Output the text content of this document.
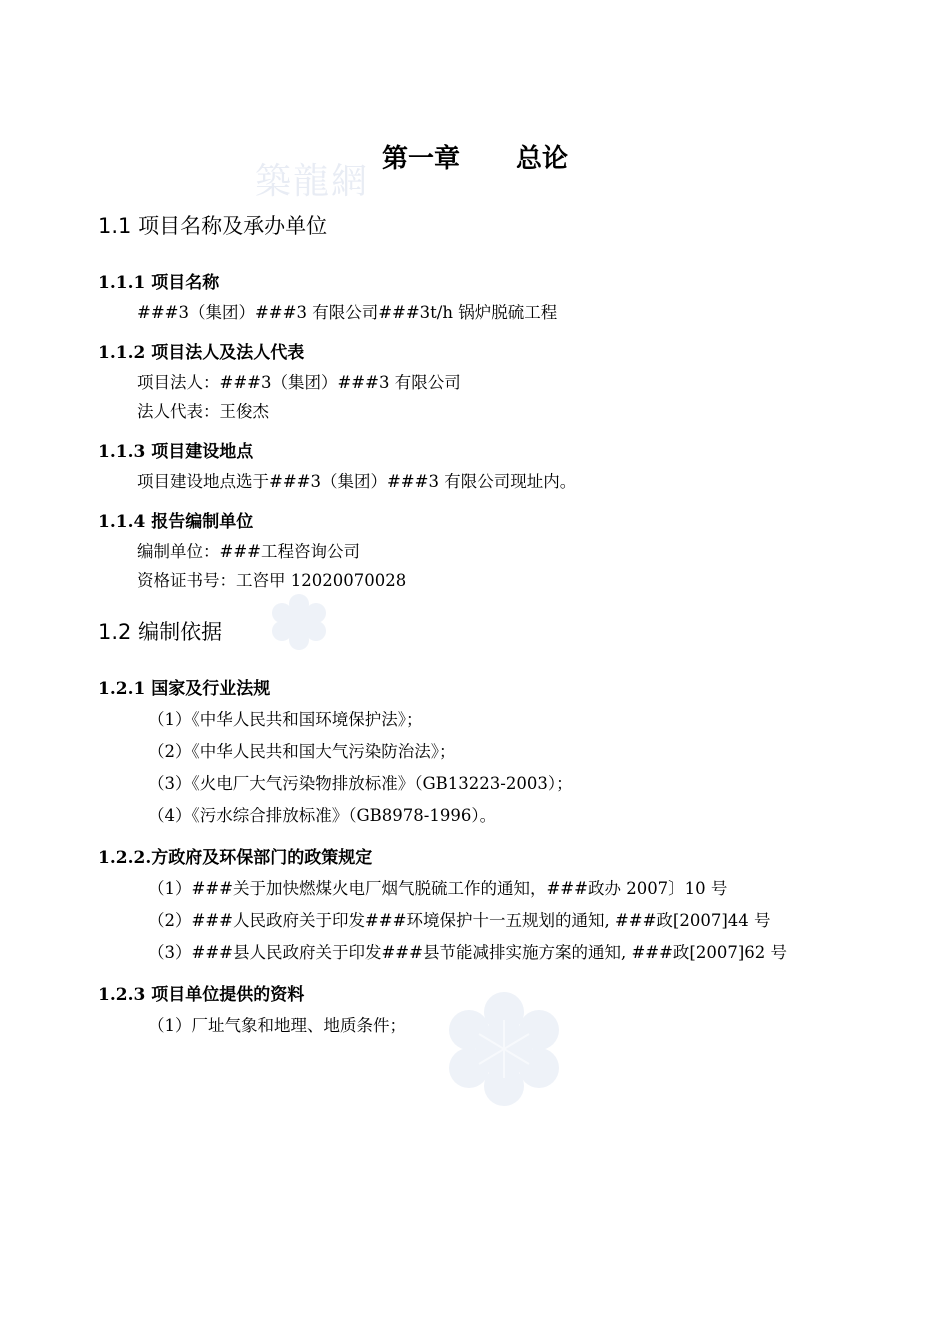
築龍網
第一章 总论
1.1 项目名称及承办单位
1.1.1 项目名称
###3（集团）###3 有限公司###3t/h 锅炉脱硫工程
1.1.2 项目法人及法人代表
项目法人：###3（集团）###3 有限公司
法人代表：王俊杰
1.1.3 项目建设地点
项目建设地点选于###3（集团）###3 有限公司现址内。
1.1.4 报告编制单位
编制单位：###工程咨询公司
资格证书号：工咨甲 12020070028
1.2 编制依据
1.2.1 国家及行业法规
（1）《中华人民共和国环境保护法》；
（2）《中华人民共和国大气污染防治法》；
（3）《火电厂大气污染物排放标准》（GB13223-2003）；
（4）《污水综合排放标准》（GB8978-1996）。
1.2.2.方政府及环保部门的政策规定
（1）###关于加快燃煤火电厂烟气脱硫工作的通知，###政办 2007〕10 号
（2）###人民政府关于印发###环境保护十一五规划的通知, ###政[2007]44 号
（3）###县人民政府关于印发###县节能减排实施方案的通知, ###政[2007]62 号
1.2.3 项目单位提供的资料
（1）厂址气象和地理、地质条件；
